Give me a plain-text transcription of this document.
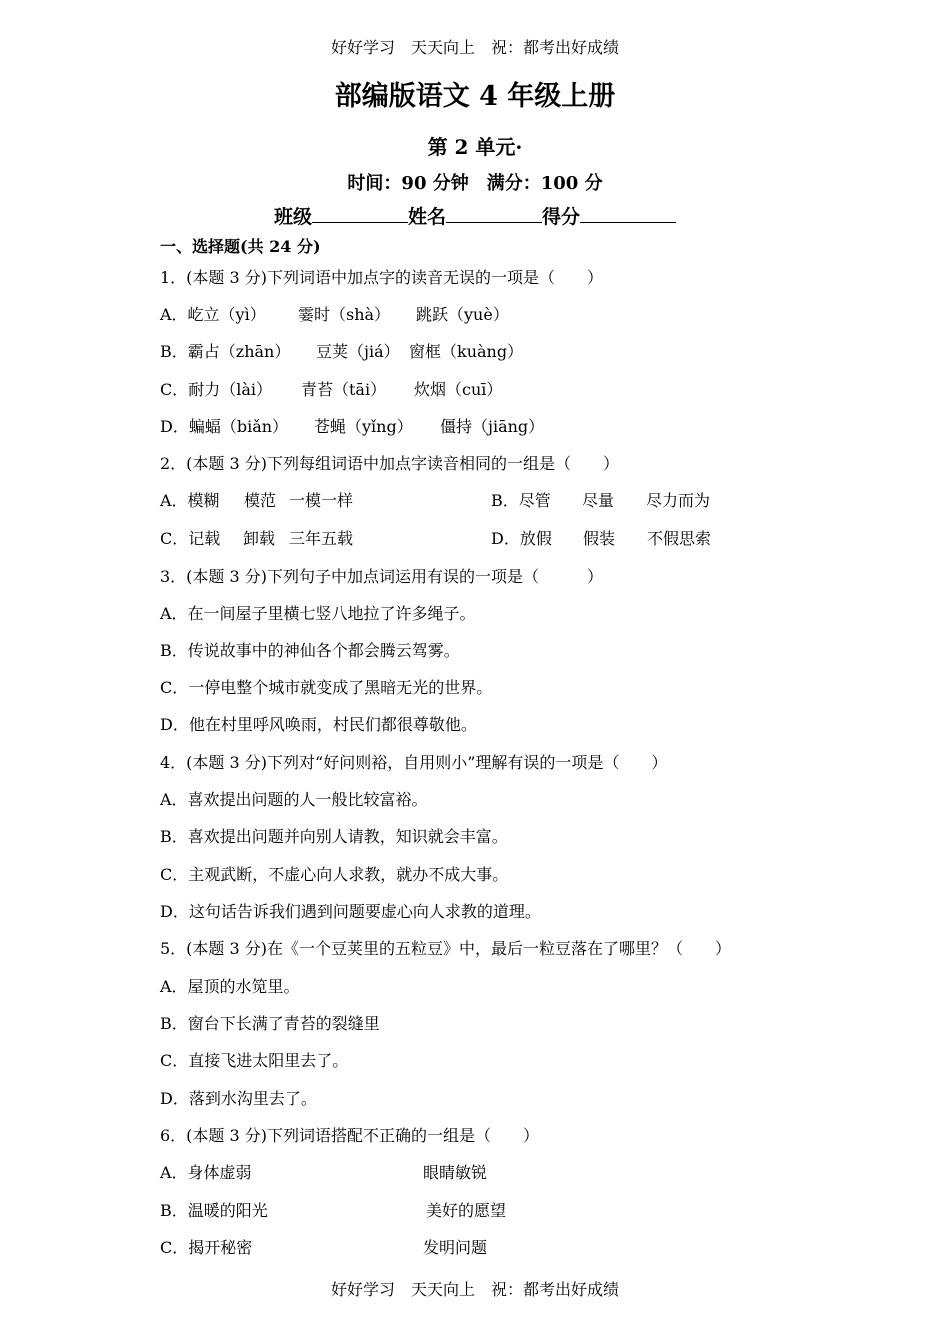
好好学习　天天向上　祝：都考出好成绩
部编版语文 4 年级上册
第 2 单元·
时间：90 分钟　满分：100 分
班级	姓名	得分
一、选择题(共 24 分)
1．(本题 3 分)下列词语中加点字的读音无误的一项是（　　）
A．屹立（yì） 霎时（shà） 跳跃（yuè）
B．霸占（zhān） 豆荚（jiá） 窗框（kuàng）
C．耐力（lài） 青苔（tāi） 炊烟（cuī）
D．蝙蝠（biǎn） 苍蝇（yǐng） 僵持（jiāng）
2．(本题 3 分)下列每组词语中加点字读音相同的一组是（　　）
A．模糊 模范 一模一样	B．尽管 尽量 尽力而为
C．记载 卸载 三年五载	D．放假 假装 不假思索
3．(本题 3 分)下列句子中加点词运用有误的一项是（　　　）
A．在一间屋子里横七竖八地拉了许多绳子。
B．传说故事中的神仙各个都会腾云驾雾。
C．一停电整个城市就变成了黑暗无光的世界。
D．他在村里呼风唤雨，村民们都很尊敬他。
4．(本题 3 分)下列对“好问则裕，自用则小”理解有误的一项是（　　）
A．喜欢提出问题的人一般比较富裕。
B．喜欢提出问题并向别人请教，知识就会丰富。
C．主观武断，不虚心向人求教，就办不成大事。
D．这句话告诉我们遇到问题要虚心向人求教的道理。
5．(本题 3 分)在《一个豆荚里的五粒豆》中，最后一粒豆落在了哪里？（　　）
A．屋顶的水笕里。
B．窗台下长满了青苔的裂缝里
C．直接飞进太阳里去了。
D．落到水沟里去了。
6．(本题 3 分)下列词语搭配不正确的一组是（　　）
A．身体虚弱	眼睛敏锐
B．温暖的阳光	美好的愿望
C．揭开秘密	发明问题
好好学习　天天向上　祝：都考出好成绩
